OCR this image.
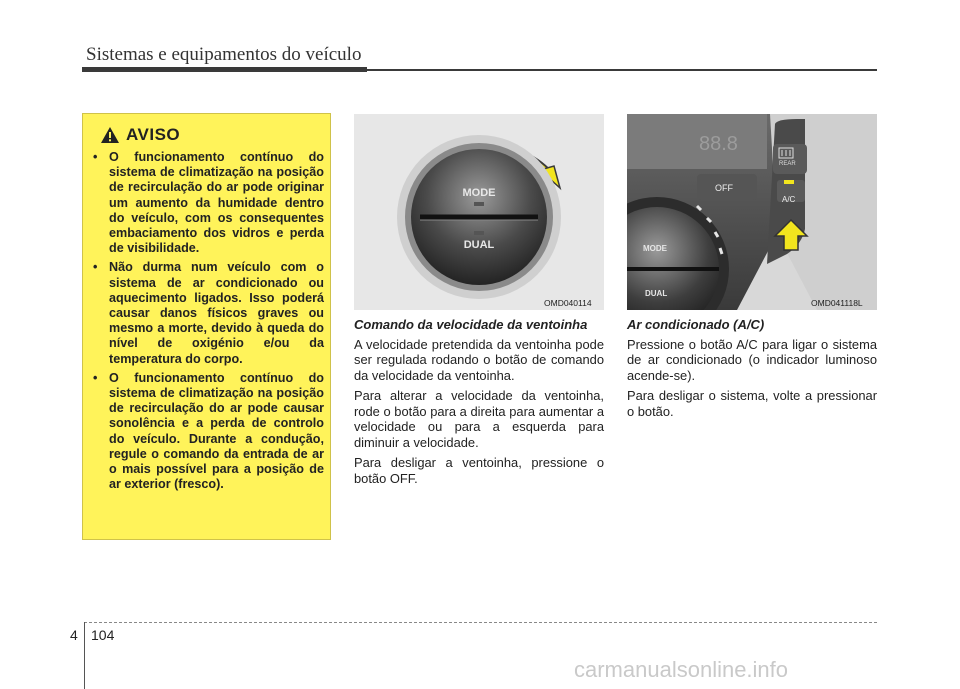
Sistemas e equipamentos do veículo
AVISO
• O funcionamento contínuo do sistema de climatização na posição de recirculação do ar pode originar um aumento da humidade dentro do veículo, com os consequentes embaciamento dos vidros e perda de visibilidade.
• Não durma num veículo com o sistema de ar condicionado ou aquecimento ligados. Isso poderá causar danos físicos graves ou mesmo a morte, devido à queda do nível de oxigénio e/ou da temperatura do corpo.
• O funcionamento contínuo do sistema de climatização na posição de recirculação do ar pode causar sonolência e a perda de controlo do veículo. Durante a condução, regule o comando da entrada de ar o mais possível para a posição de ar exterior (fresco).
MODE
DUAL
OMD040114
88.8
REAR
A/C
OFF
MODE
DUAL
OMD041118L
Comando da velocidade da ventoinha

A velocidade pretendida da ventoinha pode ser regulada rodando o botão de comando da velocidade da ventoinha.

Para alterar a velocidade da ventoinha, rode o botão para a direita para aumentar a velocidade ou para a esquerda para diminuir a velocidade.

Para desligar a ventoinha, pressione o botão OFF.

Ar condicionado (A/C)

Pressione o botão A/C para ligar o sistema de ar condicionado (o indicador luminoso acende-se).

Para desligar o sistema, volte a pressionar o botão.

4 104
carmanualsonline.info
